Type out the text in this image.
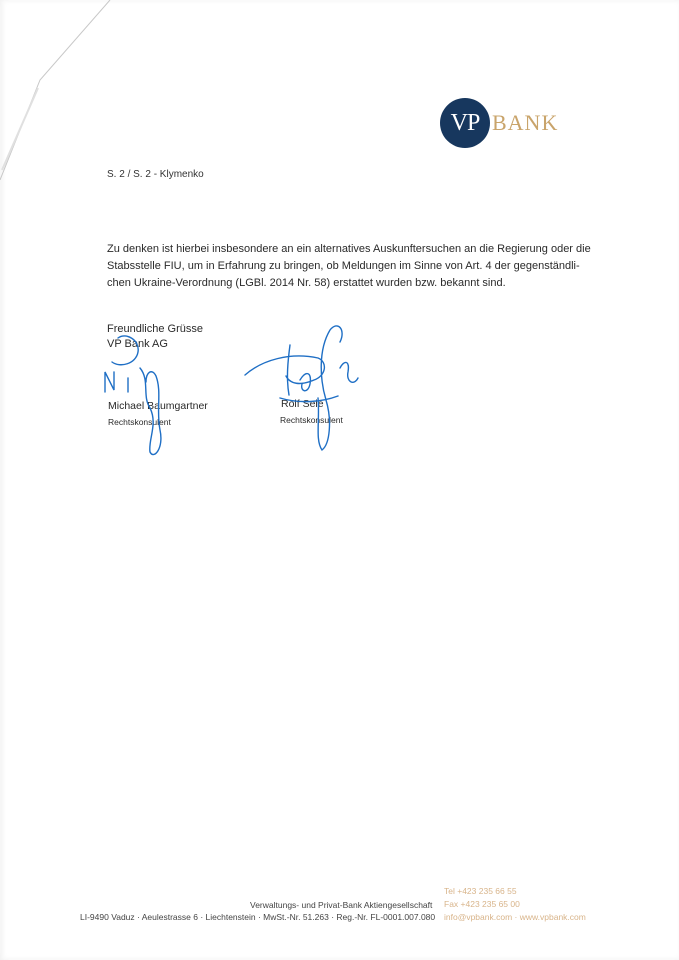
VP BANK
S. 2 / S. 2 - Klymenko
Zu denken ist hierbei insbesondere an ein alternatives Auskunftersuchen an die Regierung oder die
Stabsstelle FIU, um in Erfahrung zu bringen, ob Meldungen im Sinne von Art. 4 der gegenständli-
chen Ukraine-Verordnung (LGBl. 2014 Nr. 58) erstattet wurden bzw. bekannt sind.
Freundliche Grüsse
VP Bank AG
Michael Baumgartner
Rechtskonsulent
Rolf Sele
Rechtskonsulent
Verwaltungs- und Privat-Bank Aktiengesellschaft
LI-9490 Vaduz · Aeulestrasse 6 · Liechtenstein · MwSt.-Nr. 51.263 · Reg.-Nr. FL-0001.007.080
Tel +423 235 66 55
Fax +423 235 65 00
info@vpbank.com · www.vpbank.com
